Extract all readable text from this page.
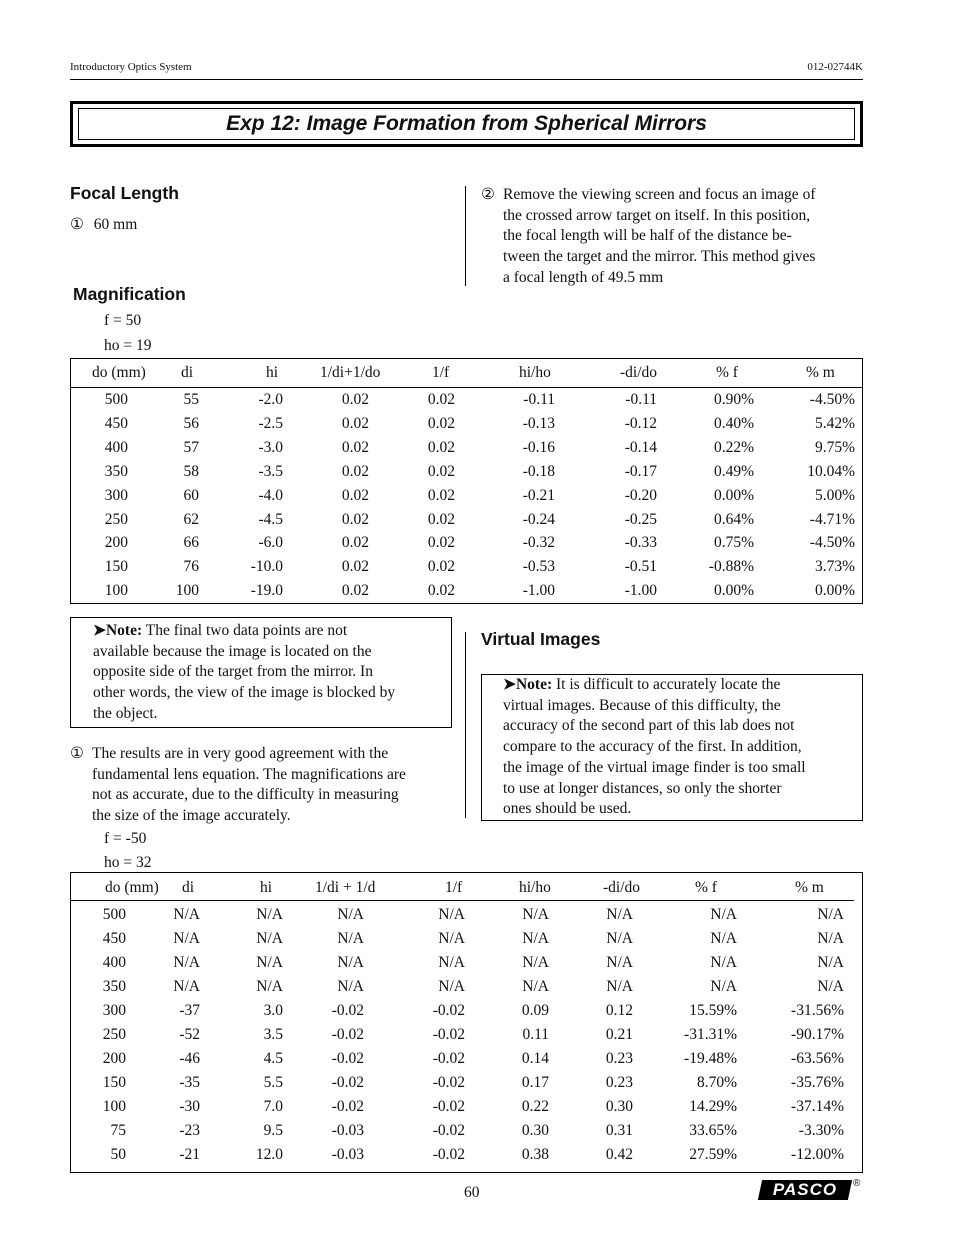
Introductory Optics System	012-02744K
Exp 12: Image Formation from Spherical Mirrors
Focal Length
① 60 mm
② Remove the viewing screen and focus an image of
the crossed arrow target on itself. In this position,
the focal length will be half of the distance be-
tween the target and the mirror. This method gives
a focal length of 49.5 mm
Magnification
f = 50
ho = 19
do (mm) di	hi	1/di+1/do	1/f	hi/ho	-di/do	% f	% m
500	55	-2.0	0.02	0.02	-0.11	-0.11	0.90%	-4.50%
450	56	-2.5	0.02	0.02	-0.13	-0.12	0.40%	5.42%
400	57	-3.0	0.02	0.02	-0.16	-0.14	0.22%	9.75%
350	58	-3.5	0.02	0.02	-0.18	-0.17	0.49%	10.04%
300	60	-4.0	0.02	0.02	-0.21	-0.20	0.00%	5.00%
250	62	-4.5	0.02	0.02	-0.24	-0.25	0.64%	-4.71%
200	66	-6.0	0.02	0.02	-0.32	-0.33	0.75%	-4.50%
150	76	-10.0	0.02	0.02	-0.53	-0.51	-0.88%	3.73%
100	100	-19.0	0.02	0.02	-1.00	-1.00	0.00%	0.00%
➤Note: The final two data points are not
available because the image is located on the
opposite side of the target from the mirror. In
other words, the view of the image is blocked by
the object.
① The results are in very good agreement with the
fundamental lens equation. The magnifications are
not as accurate, due to the difficulty in measuring
the size of the image accurately.
Virtual Images
➤Note: It is difficult to accurately locate the
virtual images. Because of this difficulty, the
accuracy of the second part of this lab does not
compare to the accuracy of the first. In addition,
the image of the virtual image finder is too small
to use at longer distances, so only the shorter
ones should be used.
f = -50
ho = 32
do (mm) di	hi	1/di + 1/d	1/f	hi/ho	-di/do	% f	% m
500	N/A	N/A	N/A	N/A	N/A	N/A	N/A	N/A
450	N/A	N/A	N/A	N/A	N/A	N/A	N/A	N/A
400	N/A	N/A	N/A	N/A	N/A	N/A	N/A	N/A
350	N/A	N/A	N/A	N/A	N/A	N/A	N/A	N/A
300	-37	3.0	-0.02	-0.02	0.09	0.12	15.59%	-31.56%
250	-52	3.5	-0.02	-0.02	0.11	0.21	-31.31%	-90.17%
200	-46	4.5	-0.02	-0.02	0.14	0.23	-19.48%	-63.56%
150	-35	5.5	-0.02	-0.02	0.17	0.23	8.70%	-35.76%
100	-30	7.0	-0.02	-0.02	0.22	0.30	14.29%	-37.14%
75	-23	9.5	-0.03	-0.02	0.30	0.31	33.65%	-3.30%
50	-21	12.0	-0.03	-0.02	0.38	0.42	27.59%	-12.00%
60	PASCO	®
